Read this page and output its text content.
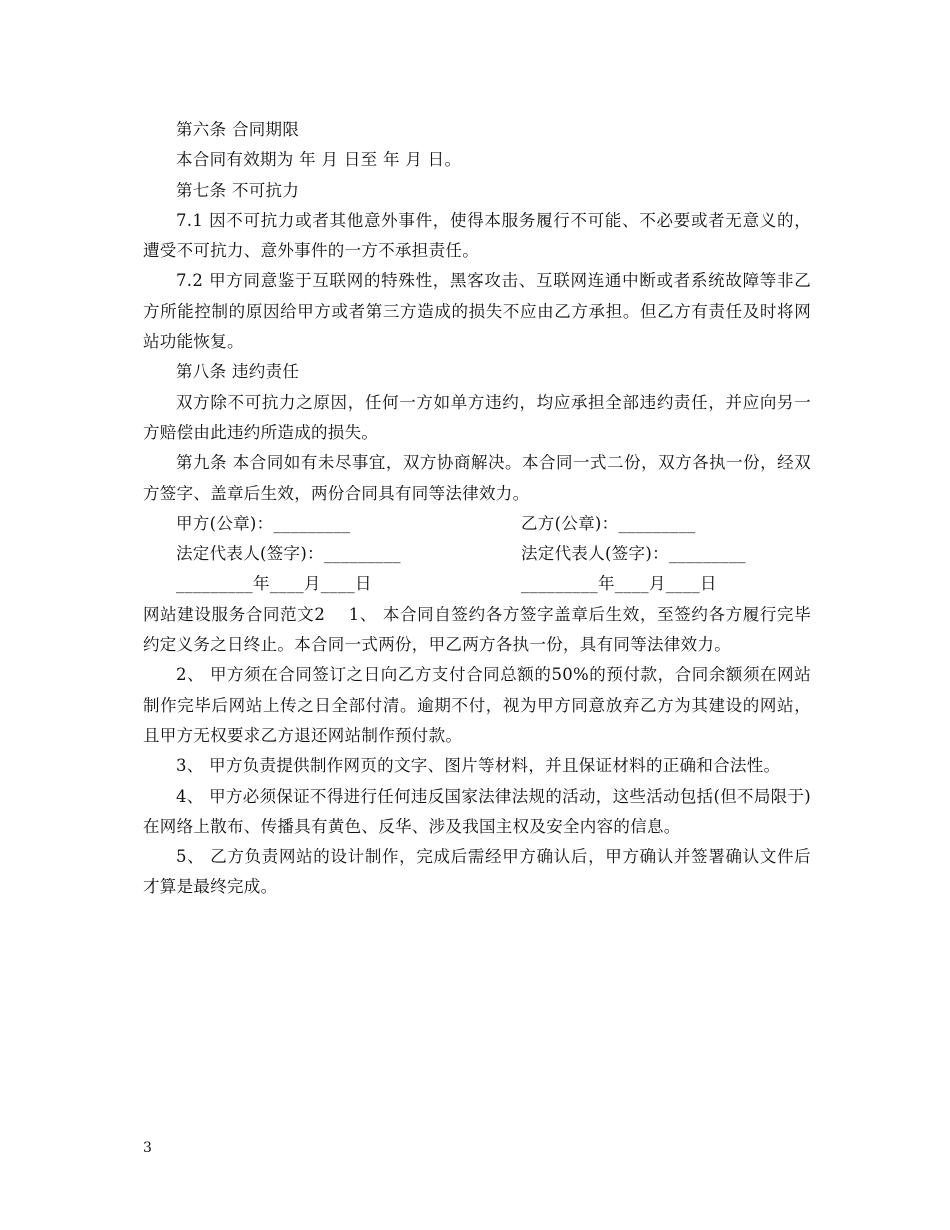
第六条 合同期限

本合同有效期为 年 月 日至 年 月 日。

第七条 不可抗力

7.1 因不可抗力或者其他意外事件，使得本服务履行不可能、不必要或者无意义的，遭受不可抗力、意外事件的一方不承担责任。

7.2 甲方同意鉴于互联网的特殊性，黑客攻击、互联网连通中断或者系统故障等非乙方所能控制的原因给甲方或者第三方造成的损失不应由乙方承担。但乙方有责任及时将网站功能恢复。

第八条 违约责任

双方除不可抗力之原因，任何一方如单方违约，均应承担全部违约责任，并应向另一方赔偿由此违约所造成的损失。

第九条 本合同如有未尽事宜，双方协商解决。本合同一式二份，双方各执一份，经双方签字、盖章后生效，两份合同具有同等法律效力。

甲方(公章)：_________	乙方(公章)：_________
法定代表人(签字)：_________	法定代表人(签字)：_________
_________年____月____日	_________年____月____日

网站建设服务合同范文2    1、 本合同自签约各方签字盖章后生效，至签约各方履行完毕约定义务之日终止。本合同一式两份，甲乙两方各执一份，具有同等法律效力。

2、 甲方须在合同签订之日向乙方支付合同总额的50%的预付款，合同余额须在网站制作完毕后网站上传之日全部付清。逾期不付，视为甲方同意放弃乙方为其建设的网站，且甲方无权要求乙方退还网站制作预付款。

3、 甲方负责提供制作网页的文字、图片等材料，并且保证材料的正确和合法性。

4、 甲方必须保证不得进行任何违反国家法律法规的活动，这些活动包括(但不局限于)在网络上散布、传播具有黄色、反华、涉及我国主权及安全内容的信息。

5、 乙方负责网站的设计制作，完成后需经甲方确认后，甲方确认并签署确认文件后才算是最终完成。

3
